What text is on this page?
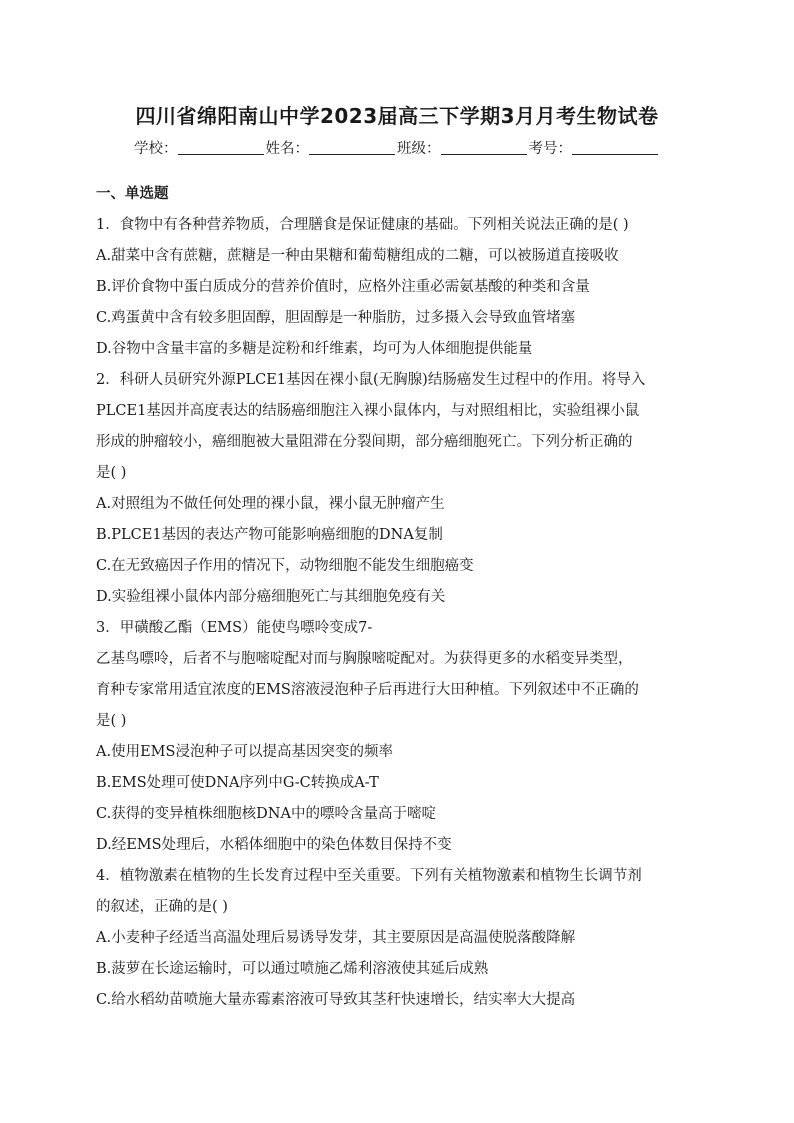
四川省绵阳南山中学2023届高三下学期3月月考生物试卷
学校：	姓名：	班级：	考号：
一、单选题
1．食物中有各种营养物质，合理膳食是保证健康的基础。下列相关说法正确的是( )
A.甜菜中含有蔗糖，蔗糖是一种由果糖和葡萄糖组成的二糖，可以被肠道直接吸收
B.评价食物中蛋白质成分的营养价值时，应格外注重必需氨基酸的种类和含量
C.鸡蛋黄中含有较多胆固醇，胆固醇是一种脂肪，过多摄入会导致血管堵塞
D.谷物中含量丰富的多糖是淀粉和纤维素，均可为人体细胞提供能量
2．科研人员研究外源PLCE1基因在裸小鼠(无胸腺)结肠癌发生过程中的作用。将导入
PLCE1基因并高度表达的结肠癌细胞注入裸小鼠体内，与对照组相比，实验组裸小鼠
形成的肿瘤较小，癌细胞被大量阻滞在分裂间期，部分癌细胞死亡。下列分析正确的
是( )
A.对照组为不做任何处理的裸小鼠，裸小鼠无肿瘤产生
B.PLCE1基因的表达产物可能影响癌细胞的DNA复制
C.在无致癌因子作用的情况下，动物细胞不能发生细胞癌变
D.实验组裸小鼠体内部分癌细胞死亡与其细胞免疫有关
3．甲磺酸乙酯（EMS）能使鸟嘌呤变成7-
乙基鸟嘌呤，后者不与胞嘧啶配对而与胸腺嘧啶配对。为获得更多的水稻变异类型，
育种专家常用适宜浓度的EMS溶液浸泡种子后再进行大田种植。下列叙述中不正确的
是( )
A.使用EMS浸泡种子可以提高基因突变的频率
B.EMS处理可使DNA序列中G-C转换成A-T
C.获得的变异植株细胞核DNA中的嘌呤含量高于嘧啶
D.经EMS处理后，水稻体细胞中的染色体数目保持不变
4．植物激素在植物的生长发育过程中至关重要。下列有关植物激素和植物生长调节剂
的叙述，正确的是( )
A.小麦种子经适当高温处理后易诱导发芽，其主要原因是高温使脱落酸降解
B.菠萝在长途运输时，可以通过喷施乙烯利溶液使其延后成熟
C.给水稻幼苗喷施大量赤霉素溶液可导致其茎秆快速增长，结实率大大提高
